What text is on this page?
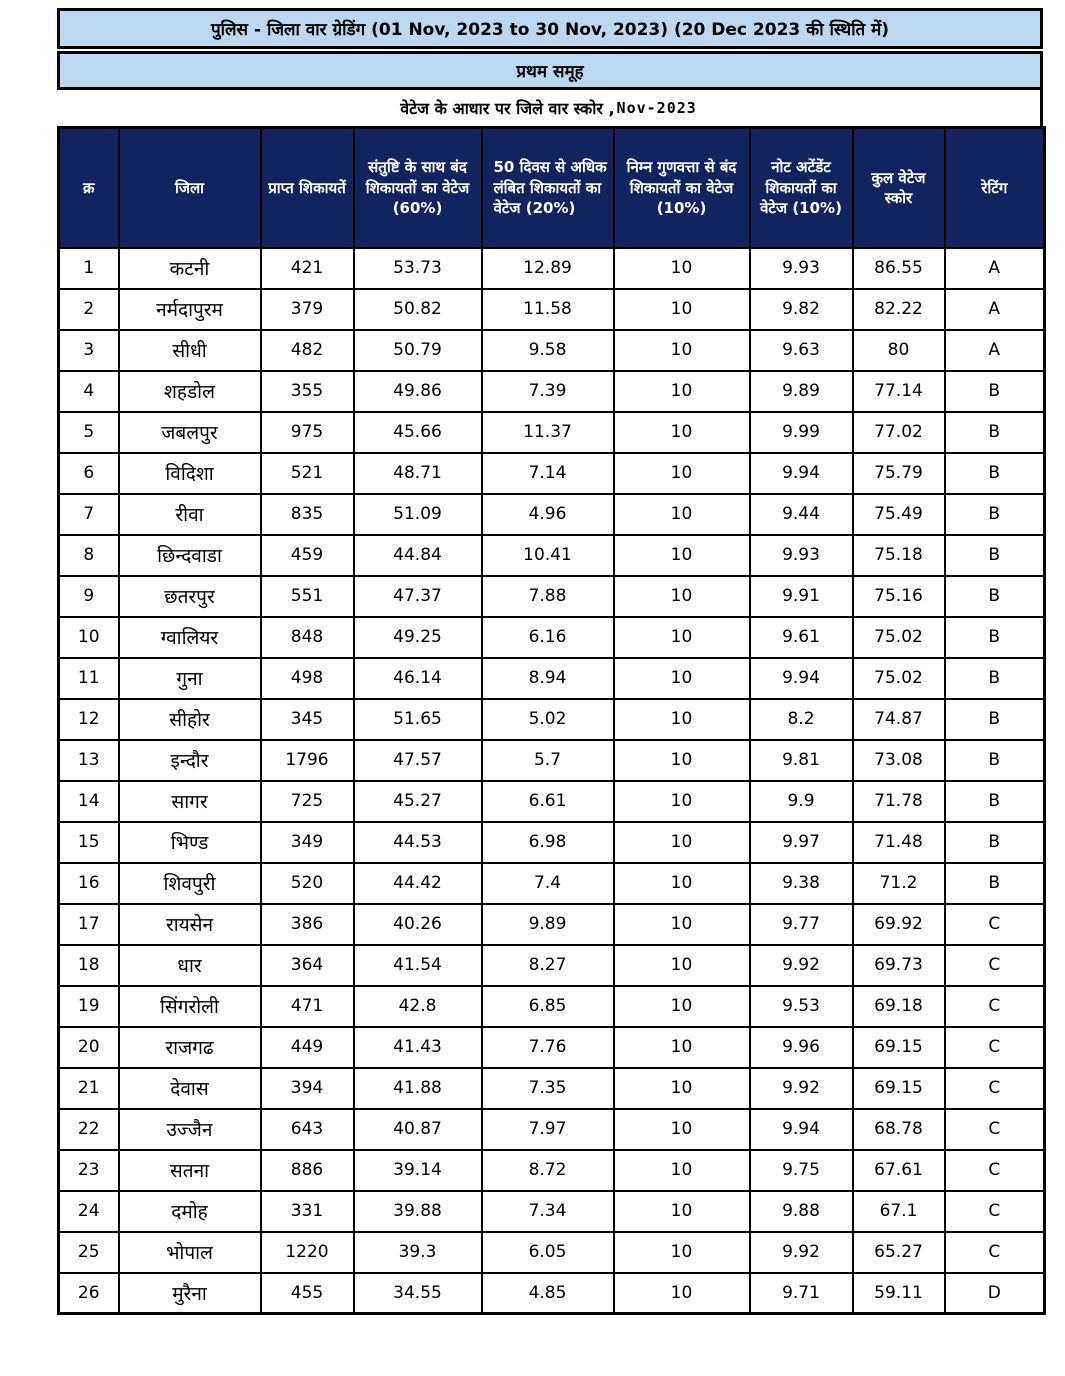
पुलिस - जिला वार ग्रेडिंग (01 Nov, 2023 to 30 Nov, 2023) (20 Dec 2023 की स्थिति में)
प्रथम समूह
वेटेज के आधार पर जिले वार स्कोर , Nov-2023
क्र	जिला	प्राप्त शिकायतें	संतुष्टि के साथ बंद शिकायतों का वेटेज (60%)	50 दिवस से अधिक लंबित शिकायतों का वेटेज (20%)	निम्न गुणवत्ता से बंद शिकायतों का वेटेज (10%)	नोट अटेंडेंट शिकायतों का वेटेज (10%)	कुल वेटेज स्कोर	रेटिंग
1	कटनी	421	53.73	12.89	10	9.93	86.55	A
2	नर्मदापुरम	379	50.82	11.58	10	9.82	82.22	A
3	सीधी	482	50.79	9.58	10	9.63	80	A
4	शहडोल	355	49.86	7.39	10	9.89	77.14	B
5	जबलपुर	975	45.66	11.37	10	9.99	77.02	B
6	विदिशा	521	48.71	7.14	10	9.94	75.79	B
7	रीवा	835	51.09	4.96	10	9.44	75.49	B
8	छिन्दवाडा	459	44.84	10.41	10	9.93	75.18	B
9	छतरपुर	551	47.37	7.88	10	9.91	75.16	B
10	ग्वालियर	848	49.25	6.16	10	9.61	75.02	B
11	गुना	498	46.14	8.94	10	9.94	75.02	B
12	सीहोर	345	51.65	5.02	10	8.2	74.87	B
13	इन्दौर	1796	47.57	5.7	10	9.81	73.08	B
14	सागर	725	45.27	6.61	10	9.9	71.78	B
15	भिण्ड	349	44.53	6.98	10	9.97	71.48	B
16	शिवपुरी	520	44.42	7.4	10	9.38	71.2	B
17	रायसेन	386	40.26	9.89	10	9.77	69.92	C
18	धार	364	41.54	8.27	10	9.92	69.73	C
19	सिंगरोली	471	42.8	6.85	10	9.53	69.18	C
20	राजगढ	449	41.43	7.76	10	9.96	69.15	C
21	देवास	394	41.88	7.35	10	9.92	69.15	C
22	उज्जैन	643	40.87	7.97	10	9.94	68.78	C
23	सतना	886	39.14	8.72	10	9.75	67.61	C
24	दमोह	331	39.88	7.34	10	9.88	67.1	C
25	भोपाल	1220	39.3	6.05	10	9.92	65.27	C
26	मुरैना	455	34.55	4.85	10	9.71	59.11	D
